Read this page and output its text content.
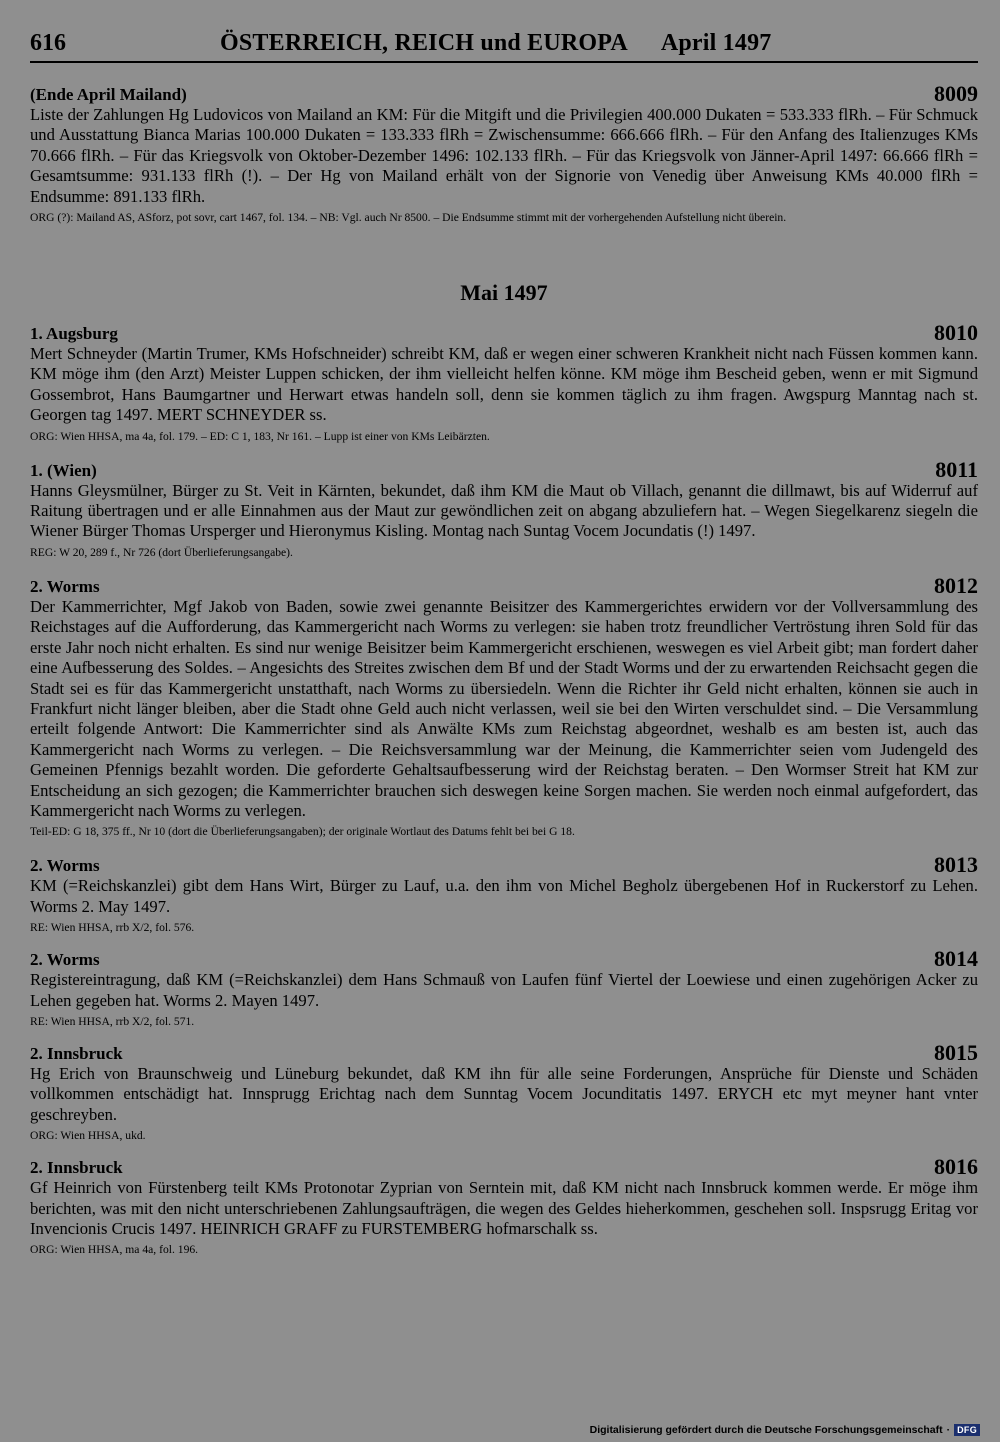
616	ÖSTERREICH, REICH und EUROPA April 1497
(Ende April Mailand)	8009
Liste der Zahlungen Hg Ludovicos von Mailand an KM: Für die Mitgift und die Privilegien 400.000 Dukaten = 533.333 flRh. – Für Schmuck und Ausstattung Bianca Marias 100.000 Dukaten = 133.333 flRh = Zwischensumme: 666.666 flRh. – Für den Anfang des Italienzuges KMs 70.666 flRh. – Für das Kriegsvolk von Oktober-Dezember 1496: 102.133 flRh. – Für das Kriegsvolk von Jänner-April 1497: 66.666 flRh = Gesamtsumme: 931.133 flRh (!). – Der Hg von Mailand erhält von der Signorie von Venedig über Anweisung KMs 40.000 flRh = Endsumme: 891.133 flRh.
ORG (?): Mailand AS, ASforz, pot sovr, cart 1467, fol. 134. – NB: Vgl. auch Nr 8500. – Die Endsumme stimmt mit der vorhergehenden Aufstellung nicht überein.
Mai 1497
1. Augsburg	8010
Mert Schneyder (Martin Trumer, KMs Hofschneider) schreibt KM, daß er wegen einer schweren Krankheit nicht nach Füssen kommen kann. KM möge ihm (den Arzt) Meister Luppen schicken, der ihm vielleicht helfen könne. KM möge ihm Bescheid geben, wenn er mit Sigmund Gossembrot, Hans Baumgartner und Herwart etwas handeln soll, denn sie kommen täglich zu ihm fragen. Awgspurg Manntag nach st. Georgen tag 1497. MERT SCHNEYDER ss.
ORG: Wien HHSA, ma 4a, fol. 179. – ED: C 1, 183, Nr 161. – Lupp ist einer von KMs Leibärzten.
1. (Wien)	8011
Hanns Gleysmülner, Bürger zu St. Veit in Kärnten, bekundet, daß ihm KM die Maut ob Villach, genannt die dillmawt, bis auf Widerruf auf Raitung übertragen und er alle Einnahmen aus der Maut zur gewöndlichen zeit on abgang abzuliefern hat. – Wegen Siegelkarenz siegeln die Wiener Bürger Thomas Ursperger und Hieronymus Kisling. Montag nach Suntag Vocem Jocundatis (!) 1497.
REG: W 20, 289 f., Nr 726 (dort Überlieferungsangabe).
2. Worms	8012
Der Kammerrichter, Mgf Jakob von Baden, sowie zwei genannte Beisitzer des Kammergerichtes erwidern vor der Vollversammlung des Reichstages auf die Aufforderung, das Kammergericht nach Worms zu verlegen: sie haben trotz freundlicher Vertröstung ihren Sold für das erste Jahr noch nicht erhalten. Es sind nur wenige Beisitzer beim Kammergericht erschienen, weswegen es viel Arbeit gibt; man fordert daher eine Aufbesserung des Soldes. – Angesichts des Streites zwischen dem Bf und der Stadt Worms und der zu erwartenden Reichsacht gegen die Stadt sei es für das Kammergericht unstatthaft, nach Worms zu übersiedeln. Wenn die Richter ihr Geld nicht erhalten, können sie auch in Frankfurt nicht länger bleiben, aber die Stadt ohne Geld auch nicht verlassen, weil sie bei den Wirten verschuldet sind. – Die Versammlung erteilt folgende Antwort: Die Kammerrichter sind als Anwälte KMs zum Reichstag abgeordnet, weshalb es am besten ist, auch das Kammergericht nach Worms zu verlegen. – Die Reichsversammlung war der Meinung, die Kammerrichter seien vom Judengeld des Gemeinen Pfennigs bezahlt worden. Die geforderte Gehaltsaufbesserung wird der Reichstag beraten. – Den Wormser Streit hat KM zur Entscheidung an sich gezogen; die Kammerrichter brauchen sich deswegen keine Sorgen machen. Sie werden noch einmal aufgefordert, das Kammergericht nach Worms zu verlegen.
Teil-ED: G 18, 375 ff., Nr 10 (dort die Überlieferungsangaben); der originale Wortlaut des Datums fehlt bei bei G 18.
2. Worms	8013
KM (=Reichskanzlei) gibt dem Hans Wirt, Bürger zu Lauf, u.a. den ihm von Michel Begholz übergebenen Hof in Ruckerstorf zu Lehen. Worms 2. May 1497.
RE: Wien HHSA, rrb X/2, fol. 576.
2. Worms	8014
Registereintragung, daß KM (=Reichskanzlei) dem Hans Schmauß von Laufen fünf Viertel der Loewiese und einen zugehörigen Acker zu Lehen gegeben hat. Worms 2. Mayen 1497.
RE: Wien HHSA, rrb X/2, fol. 571.
2. Innsbruck	8015
Hg Erich von Braunschweig und Lüneburg bekundet, daß KM ihn für alle seine Forderungen, Ansprüche für Dienste und Schäden vollkommen entschädigt hat. Innsprugg Erichtag nach dem Sunntag Vocem Jocunditatis 1497. ERYCH etc myt meyner hant vnter geschreyben.
ORG: Wien HHSA, ukd.
2. Innsbruck	8016
Gf Heinrich von Fürstenberg teilt KMs Protonotar Zyprian von Serntein mit, daß KM nicht nach Innsbruck kommen werde. Er möge ihm berichten, was mit den nicht unterschriebenen Zahlungsaufträgen, die wegen des Geldes hieherkommen, geschehen soll. Inspsrugg Eritag vor Invencionis Crucis 1497. HEINRICH GRAFF zu FURSTEMBERG hofmarschalk ss.
ORG: Wien HHSA, ma 4a, fol. 196.
Digitalisierung gefördert durch die Deutsche Forschungsgemeinschaft · DFG
